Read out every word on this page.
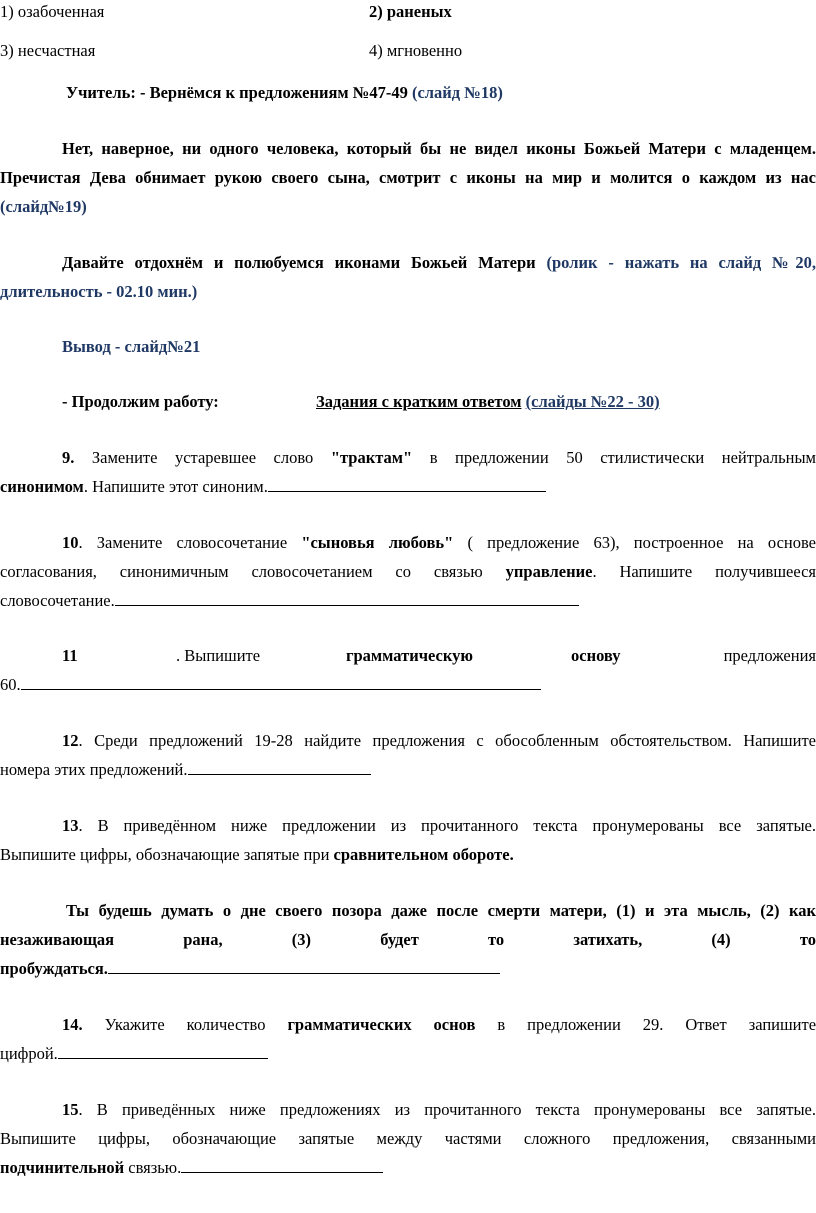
1) озабоченная	2) раненых
3) несчастная	4) мгновенно
Учитель: - Вернёмся к предложениям №47-49 (слайд №18)
Нет, наверное, ни одного человека, который бы не видел иконы Божьей Матери с младенцем.
Пречистая Дева обнимает рукою своего сына, смотрит с иконы на мир и молится о каждом из нас
(слайд№19)
Давайте отдохнём и полюбуемся иконами Божьей Матери (ролик - нажать на слайд №20,
длительность - 02.10 мин.)
Вывод - слайд№21
- Продолжим работу:	Задания с кратким ответом (слайды №22 - 30)
9. Замените устаревшее слово "трактам" в предложении 50 стилистически нейтральным
синонимом. Напишите этот синоним.
10. Замените словосочетание "сыновья любовь" ( предложение 63), построенное на основе
согласования, синонимичным словосочетанием со связью управление. Напишите получившееся
словосочетание.
11	. Выпишите	грамматическую	основу	предложения
60.
12. Среди предложений 19-28 найдите предложения с обособленным обстоятельством. Напишите
номера этих предложений.
13. В приведённом ниже предложении из прочитанного текста пронумерованы все запятые.
Выпишите цифры, обозначающие запятые при сравнительном обороте.
Ты будешь думать о дне своего позора даже после смерти матери, (1) и эта мысль, (2) как
незаживающая рана, (3) будет то затихать, (4) то
пробуждаться.
14. Укажите количество грамматических основ в предложении 29. Ответ запишите
цифрой.
15. В приведённых ниже предложениях из прочитанного текста пронумерованы все запятые.
Выпишите цифры, обозначающие запятые между частями сложного предложения, связанными
подчинительной связью.
